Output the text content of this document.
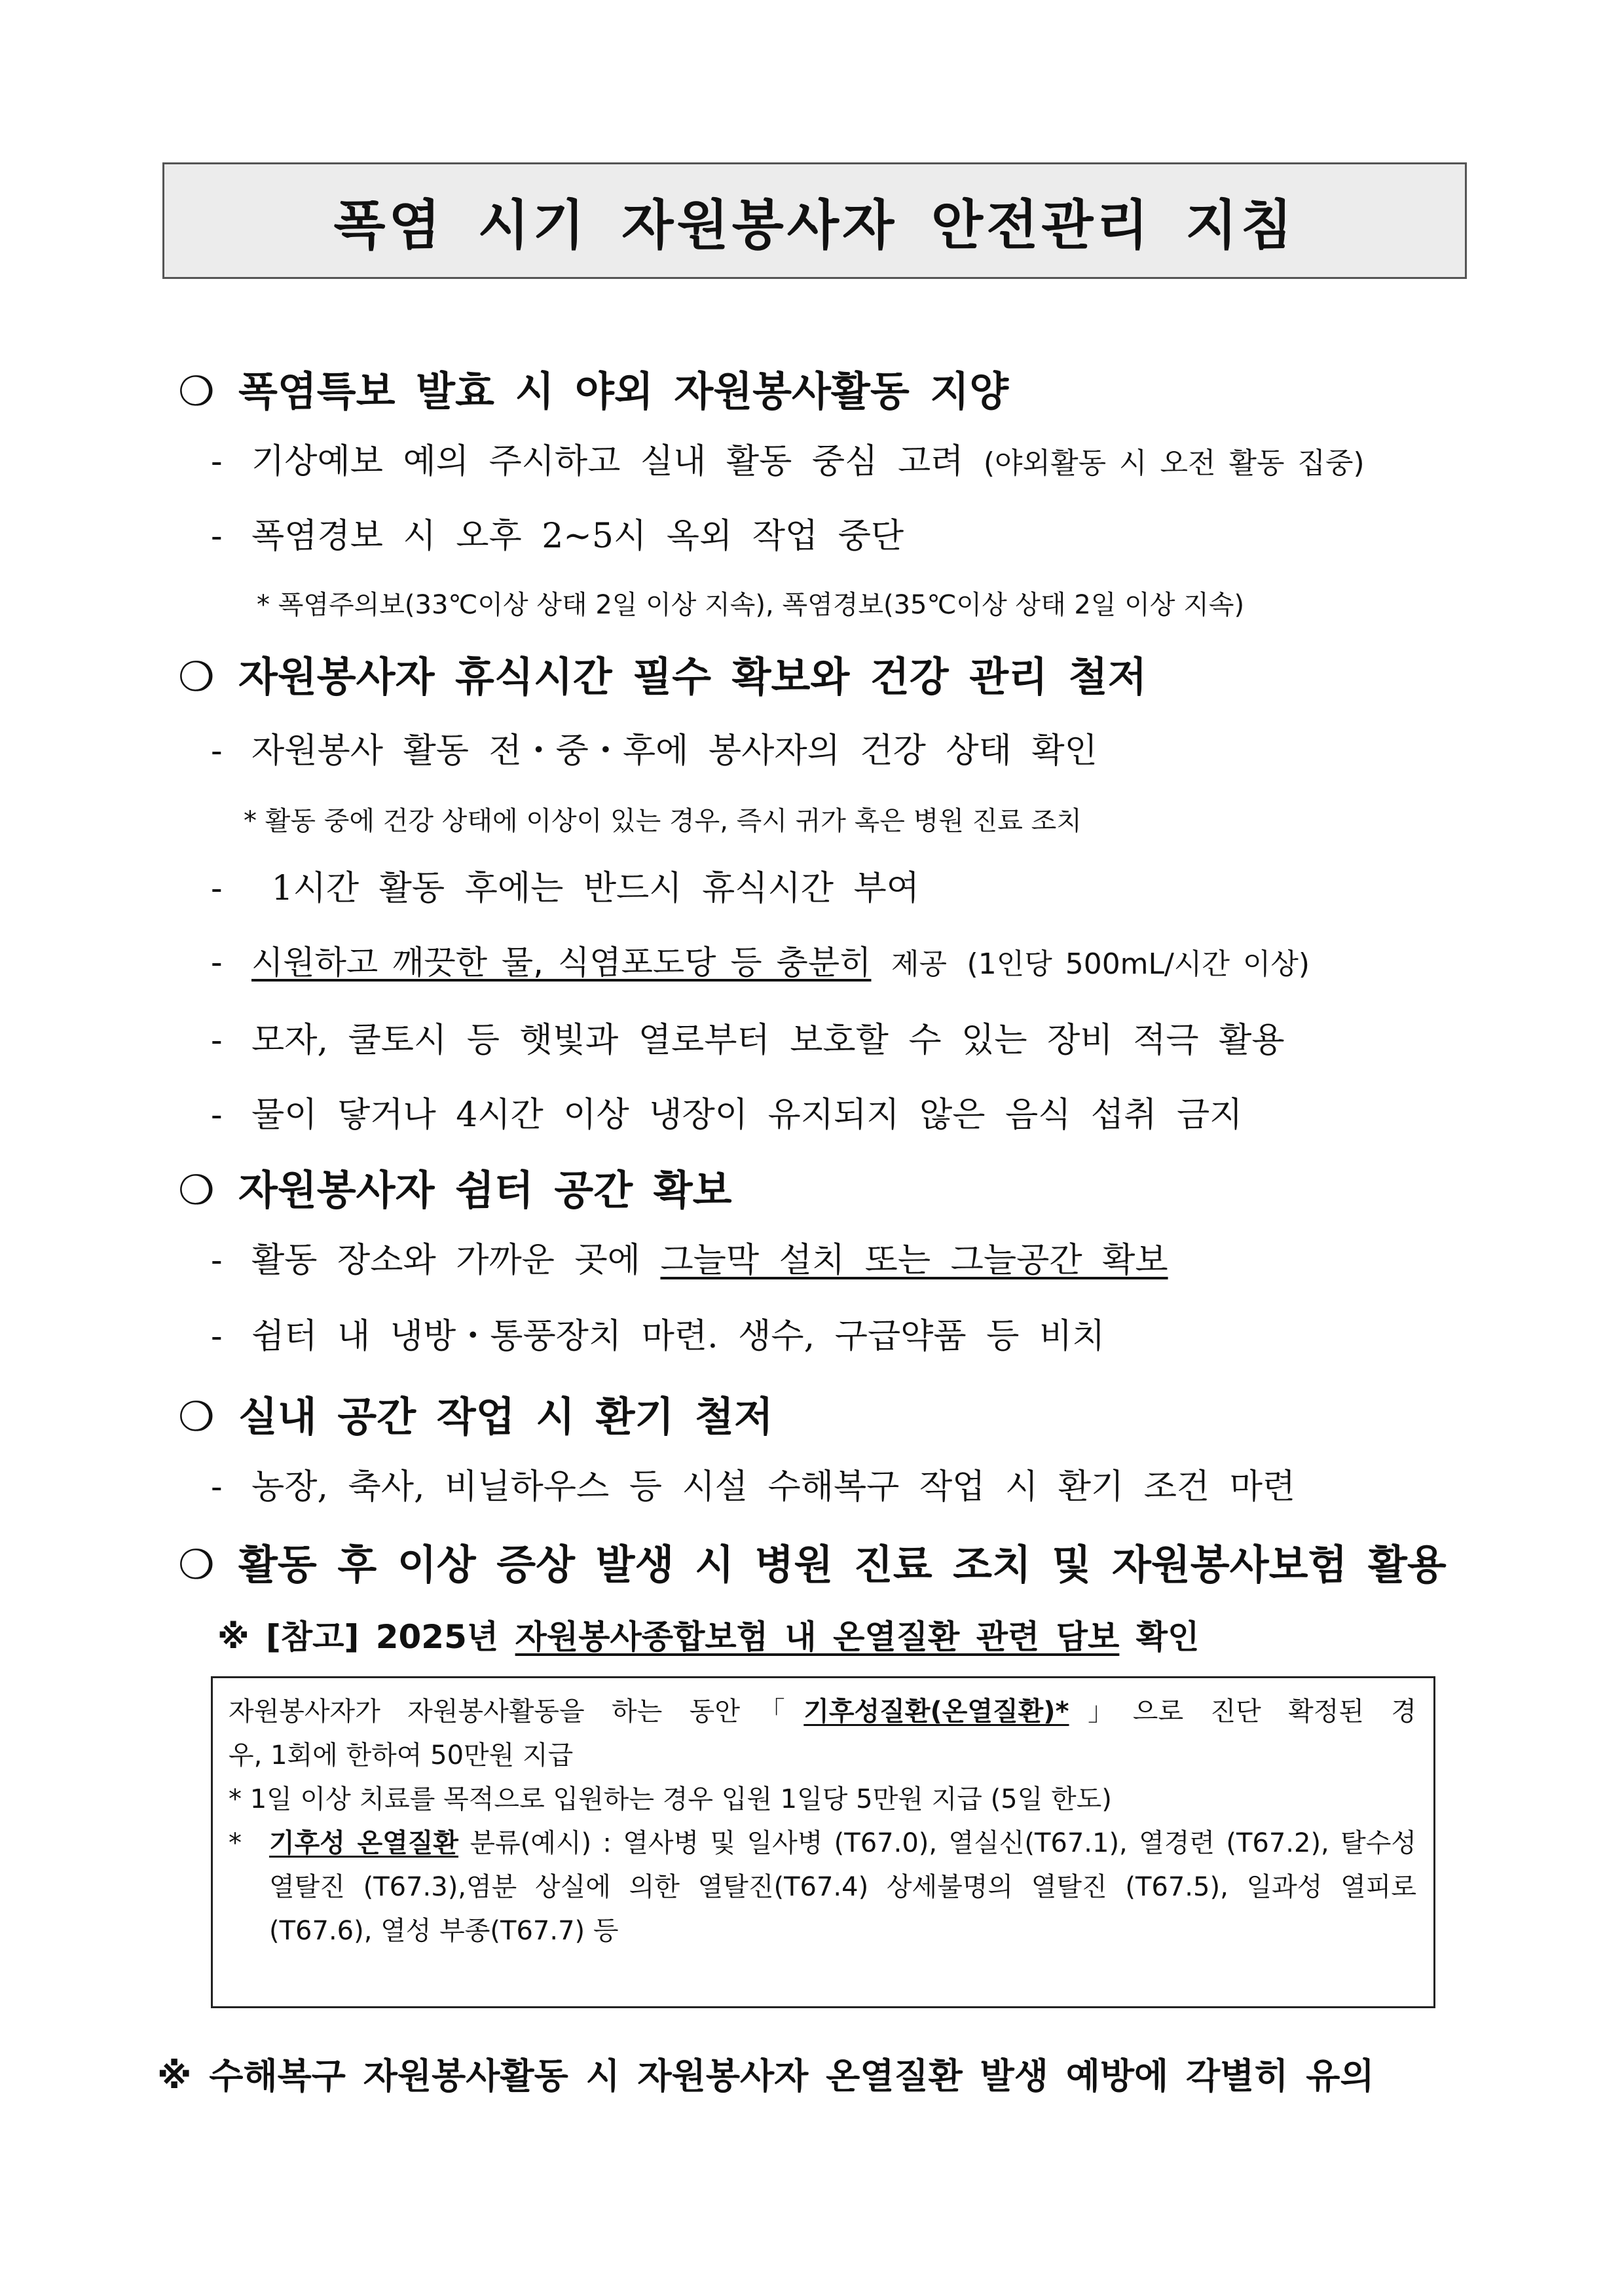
폭염 시기 자원봉사자 안전관리 지침
❍ 폭염특보 발효 시 야외 자원봉사활동 지양
- 기상예보 예의 주시하고 실내 활동 중심 고려 (야외활동 시 오전 활동 집중)
- 폭염경보 시 오후 2~5시 옥외 작업 중단
* 폭염주의보(33℃이상 상태 2일 이상 지속), 폭염경보(35℃이상 상태 2일 이상 지속)
❍ 자원봉사자 휴식시간 필수 확보와 건강 관리 철저
- 자원봉사 활동 전・중・후에 봉사자의 건강 상태 확인
* 활동 중에 건강 상태에 이상이 있는 경우, 즉시 귀가 혹은 병원 진료 조치
- 1시간 활동 후에는 반드시 휴식시간 부여
- 시원하고 깨끗한 물, 식염포도당 등 충분히 제공 (1인당 500mL/시간 이상)
- 모자, 쿨토시 등 햇빛과 열로부터 보호할 수 있는 장비 적극 활용
- 물이 닿거나 4시간 이상 냉장이 유지되지 않은 음식 섭취 금지
❍ 자원봉사자 쉼터 공간 확보
- 활동 장소와 가까운 곳에 그늘막 설치 또는 그늘공간 확보
- 쉼터 내 냉방・통풍장치 마련. 생수, 구급약품 등 비치
❍ 실내 공간 작업 시 환기 철저
- 농장, 축사, 비닐하우스 등 시설 수해복구 작업 시 환기 조건 마련
❍ 활동 후 이상 증상 발생 시 병원 진료 조치 및 자원봉사보험 활용
※ [참고] 2025년 자원봉사종합보험 내 온열질환 관련 담보 확인

자원봉사자가 자원봉사활동을 하는 동안「기후성질환(온열질환)*」으로 진단 확정된 경

우, 1회에 한하여 50만원 지급

* 1일 이상 치료를 목적으로 입원하는 경우 입원 1일당 5만원 지급 (5일 한도)

* 기후성 온열질환 분류(예시) : 열사병 및 일사병 (T67.0), 열실신(T67.1), 열경련 (T67.2), 탈수성 열탈진 (T67.3),염분 상실에 의한 열탈진(T67.4) 상세불명의 열탈진 (T67.5), 일과성 열피로(T67.6), 열성 부종(T67.7) 등

※ 수해복구 자원봉사활동 시 자원봉사자 온열질환 발생 예방에 각별히 유의
